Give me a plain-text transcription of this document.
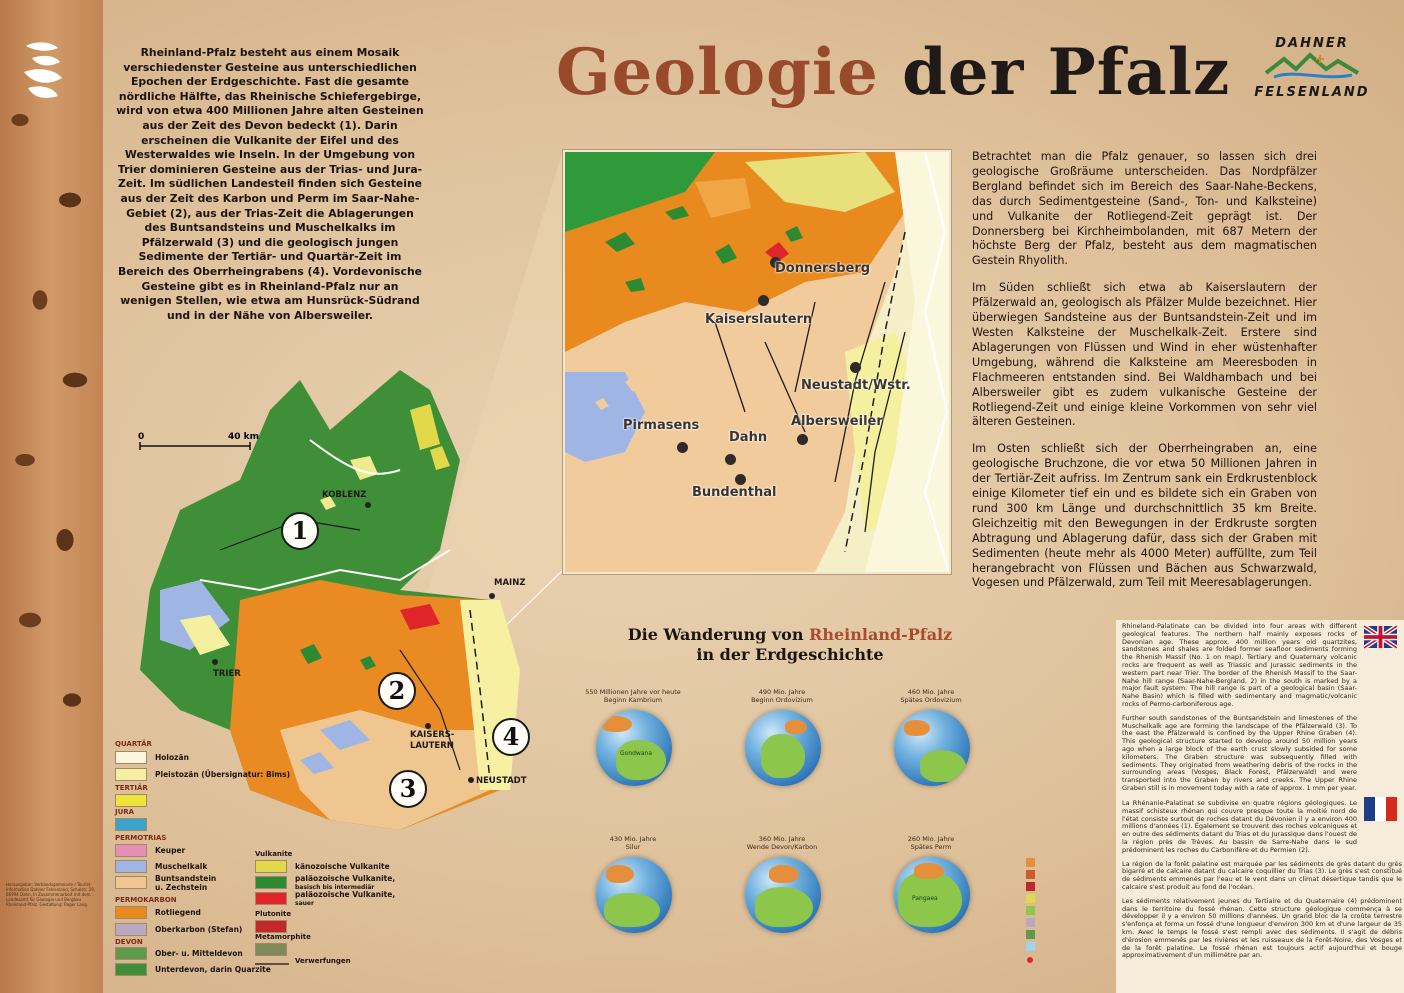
Herausgeber: Verbandsgemeinde / Tourist-Information Dahner Felsenland, Schulstr. 29, 66994 Dahn, In Zusammenarbeit mit dem Landesamt für Geologie und Bergbau Rheinland-Pfalz. Gestaltung: Roger Lang.
Geologie der Pfalz	DAHNER
FELSENLAND
Rheinland-Pfalz besteht aus einem Mosaik verschiedenster Gesteine aus unterschiedlichen Epochen der Erdgeschichte. Fast die gesamte nördliche Hälfte, das Rheinische Schiefergebirge, wird von etwa 400 Millionen Jahre alten Gesteinen aus der Zeit des Devon bedeckt (1). Darin erscheinen die Vulkanite der Eifel und des Westerwaldes wie Inseln. In der Umgebung von Trier dominieren Gesteine aus der Trias- und Jura-Zeit. Im südlichen Landesteil finden sich Gesteine aus der Zeit des Karbon und Perm im Saar-Nahe-Gebiet (2), aus der Trias-Zeit die Ablagerungen des Buntsandsteins und Muschelkalks im Pfälzerwald (3) und die geologisch jungen Sedimente der Tertiär- und Quartär-Zeit im Bereich des Oberrheingrabens (4). Vordevonische Gesteine gibt es in Rheinland-Pfalz nur an wenigen Stellen, wie etwa am Hunsrück-Südrand und in der Nähe von Albersweiler.

Betrachtet man die Pfalz genauer, so lassen sich drei geologische Großräume unterscheiden. Das Nordpfälzer Bergland befindet sich im Bereich des Saar-Nahe-Beckens, das durch Sedimentgesteine (Sand-, Ton- und Kalksteine) und Vulkanite der Rotliegend-Zeit geprägt ist. Der Donnersberg bei Kirchheimbolanden, mit 687 Metern der höchste Berg der Pfalz, besteht aus dem magmatischen Gestein Rhyolith.

Im Süden schließt sich etwa ab Kaiserslautern der Pfälzerwald an, geologisch als Pfälzer Mulde bezeichnet. Hier überwiegen Sandsteine aus der Buntsandstein-Zeit und im Westen Kalksteine der Muschelkalk-Zeit. Erstere sind Ablagerungen von Flüssen und Wind in eher wüstenhafter Umgebung, während die Kalksteine am Meeresboden in Flachmeeren entstanden sind. Bei Waldhambach und bei Albersweiler gibt es zudem vulkanische Gesteine der Rotliegend-Zeit und einige kleine Vorkommen von sehr viel älteren Gesteinen.

Im Osten schließt sich der Oberrheingraben an, eine geologische Bruchzone, die vor etwa 50 Millionen Jahren in der Tertiär-Zeit aufriss. Im Zentrum sank ein Erdkrustenblock einige Kilometer tief ein und es bildete sich ein Graben von rund 300 km Länge und durchschnittlich 35 km Breite. Gleichzeitig mit den Bewegungen in der Erdkruste sorgten Abtragung und Ablagerung dafür, dass sich der Graben mit Sedimenten (heute mehr als 4000 Meter) auffüllte, zum Teil herangebracht von Flüssen und Bächen aus Schwarzwald, Vogesen und Pfälzerwald, zum Teil mit Meeresablagerungen.

Donnersberg
Kaiserslautern
Neustadt/Wstr.
Albersweiler
Pirmasens
Dahn
Bundenthal
0	40 km
KOBLENZ
MAINZ
TRIER
KAISERS-
LAUTERN
NEUSTADT
1
2
3
4
QUARTÄR
Holozän
Pleistozän (Übersignatur: Bims)
TERTIÄR
JURA
PERMOTRIAS
Keuper
Muschelkalk
Buntsandstein
u. Zechstein
PERMOKARBON
Rotliegend
Oberkarbon (Stefan)
DEVON
Ober- u. Mitteldevon
Unterdevon, darin Quarzite
Vulkanite
känozoische Vulkanite
paläozoische Vulkanite,
basisch bis intermediär
paläozoische Vulkanite,
sauer
Plutonite
Metamorphite
Verwerfungen
Die Wanderung von Rheinland-Pfalz
in der Erdgeschichte
550 Millionen Jahre vor heute
Beginn Kambrium
Gondwana
490 Mio. Jahre
Beginn Ordovizium
460 Mio. Jahre
Spätes Ordovizium
430 Mio. Jahre
Silur
360 Mio. Jahre
Wende Devon/Karbon
260 Mio. Jahre
Spätes Perm
Pangaea

Rhineland-Palatinate can be divided into four areas with different geological features. The northern half mainly exposes rocks of Devonian age. These approx. 400 million years old quartzites, sandstones and shales are folded former seafloor sediments forming the Rhenish Massif (No. 1 on map). Tertiary and Quaternary volcanic rocks are frequent as well as Triassic and Jurassic sediments in the western part near Trier. The border of the Rhenish Massif to the Saar-Nahe hill range (Saar-Nahe-Bergland, 2) in the south is marked by a major fault system. The hill range is part of a geological basin (Saar-Nahe Basin) which is filled with sedimentary and magmatic/volcanic rocks of Permo-carboniferous age.

Further south sandstones of the Buntsandstein and limestones of the Muschelkalk age are forming the landscape of the Pfälzerwald (3). To the east the Pfälzerwald is confined by the Upper Rhine Graben (4). This geological structure started to develop around 50 million years ago when a large block of the earth crust slowly subsided for some kilometers. The Graben structure was subsequently filled with sediments. They originated from weathering debris of the rocks in the surrounding areas (Vosges, Black Forest, Pfälzerwald) and were transported into the Graben by rivers and creeks. The Upper Rhine Graben still is in movement today with a rate of approx. 1 mm per year.

La Rhénanie-Palatinat se subdivise en quatre régions géologiques. Le massif schisteux rhénan qui couvre presque toute la moitié nord de l'état consiste surtout de roches datant du Dévonien il y a environ 400 millions d'années (1). Également se trouvent des roches volcaniques et en outre des sédiments datant du Trias et du Jurassique dans l'ouest de la région près de Trèves. Au bassin de Sarre-Nahe dans le sud prédominent les roches du Carbonifère et du Permien (2).

La région de la forêt palatine est marquée par les sédiments de grès datant du grès bigarré et de calcaire datant du calcaire coquillier du Trias (3). Le grès s'est constitué de sédiments emmenés par l'eau et le vent dans un climat désertique tandis que le calcaire s'est produit au fond de l'océan.

Les sédiments relativement jeunes du Tertiaire et du Quaternaire (4) prédominent dans le territoire du fossé rhénan. Cette structure géologique commença à se développer il y a environ 50 millions d'années. Un grand bloc de la croûte terrestre s'enfonça et forma un fossé d'une longueur d'environ 300 km et d'une largeur de 35 km. Avec le temps le fossé s'est rempli avec des sédiments. Il s'agit de débris d'érosion emmenés par les rivières et les ruisseaux de la Forêt-Noire, des Vosges et de la forêt palatine. Le fossé rhénan est toujours actif aujourd'hui et bouge approximativement d'un millimètre par an.
